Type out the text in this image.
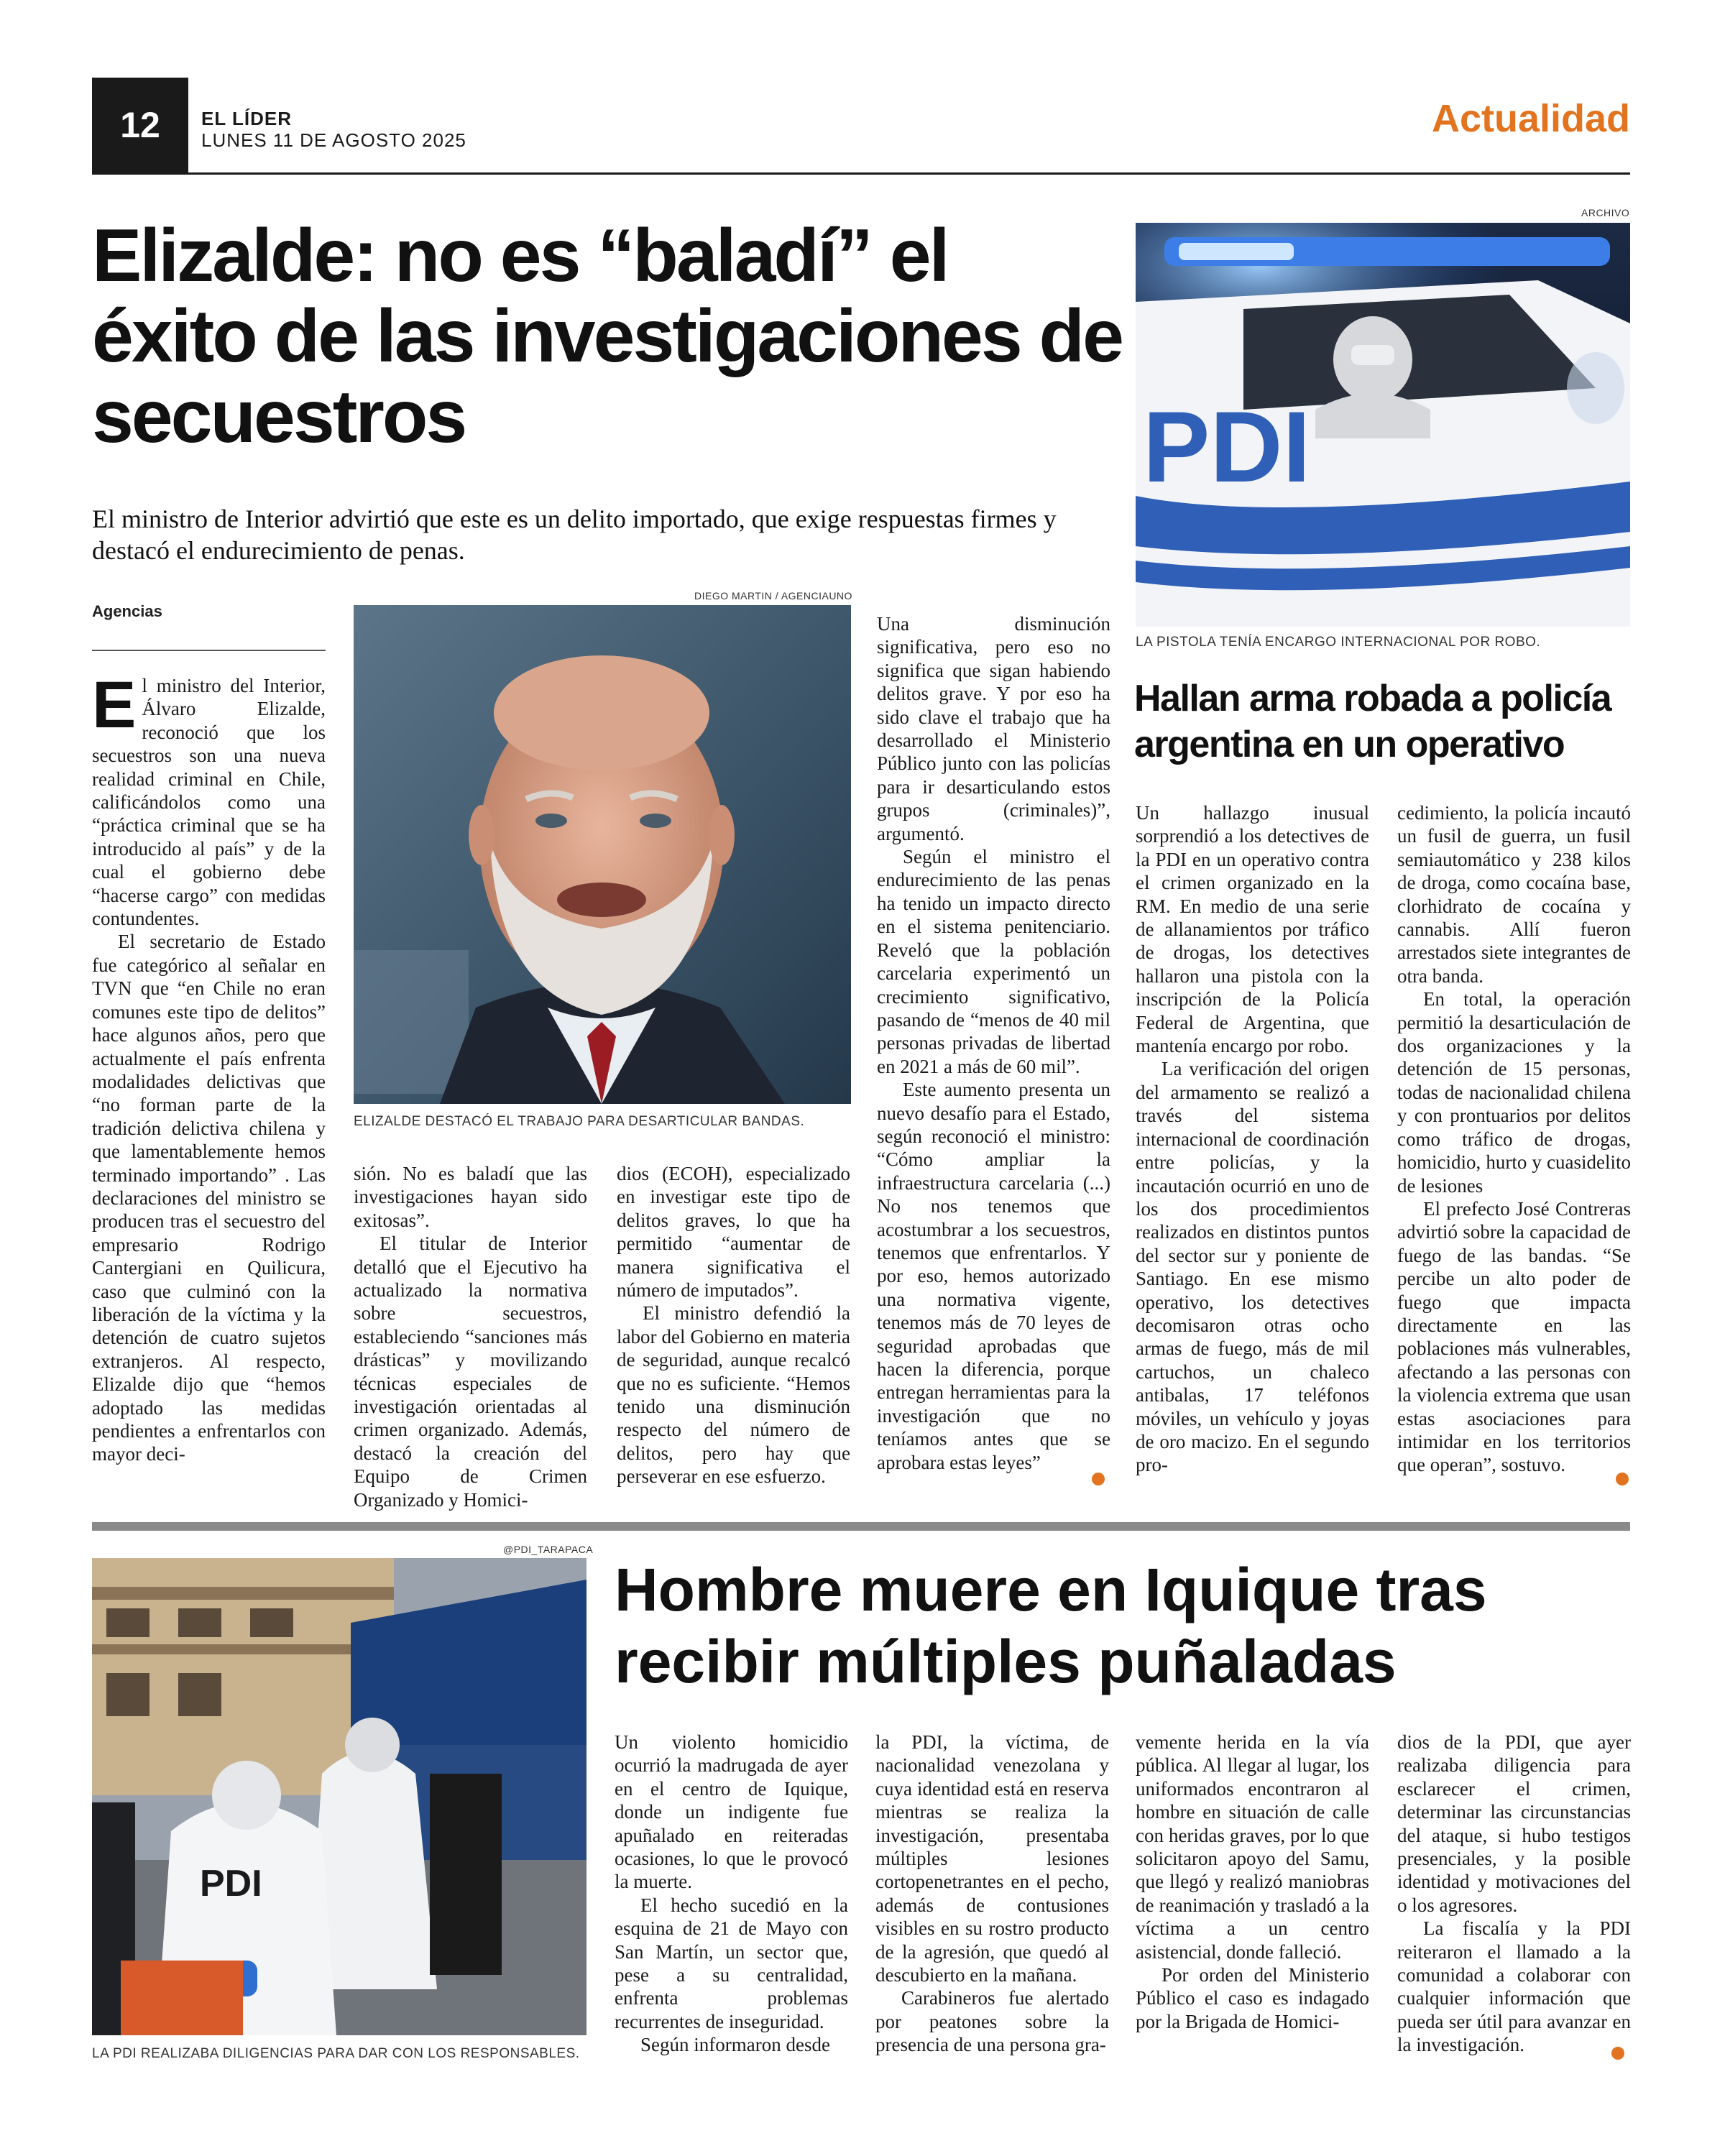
12	EL LÍDER
LUNES 11 DE AGOSTO 2025	Actualidad
Elizalde: no es “baladí” el éxito de las investigaciones de secuestros

El ministro de Interior advirtió que este es un delito importado, que exige respuestas firmes y destacó el endurecimiento de penas.

Agencias

El ministro del Interior, Álvaro Elizalde, reconoció que los secuestros son una nueva realidad criminal en Chile, calificándolos como una “práctica criminal que se ha introducido al país” y de la cual el gobierno debe “hacerse cargo” con medidas contundentes.

El secretario de Estado fue categórico al señalar en TVN que “en Chile no eran comunes este tipo de delitos” hace algunos años, pero que actualmente el país enfrenta modalidades delictivas que “no forman parte de la tradición delictiva chilena y que lamentablemente hemos terminado importando” . Las declaraciones del ministro se producen tras el secuestro del empresario Rodrigo Cantergiani en Quilicura, caso que culminó con la liberación de la víctima y la detención de cuatro sujetos extranjeros. Al respecto, Elizalde dijo que “hemos adoptado las medidas pendientes a enfrentarlos con mayor deci-

DIEGO MARTIN / AGENCIAUNO
ELIZALDE DESTACÓ EL TRABAJO PARA DESARTICULAR BANDAS.

sión. No es baladí que las investigaciones hayan sido exitosas”.

El titular de Interior detalló que el Ejecutivo ha actualizado la normativa sobre secuestros, estableciendo “sanciones más drásticas” y movilizando técnicas especiales de investigación orientadas al crimen organizado. Además, destacó la creación del Equipo de Crimen Organizado y Homici-

dios (ECOH), especializado en investigar este tipo de delitos graves, lo que ha permitido “aumentar de manera significativa el número de imputados”.

El ministro defendió la labor del Gobierno en materia de seguridad, aunque recalcó que no es suficiente. “Hemos tenido una disminución respecto del número de delitos, pero hay que perseverar en ese esfuerzo.

Una disminución significativa, pero eso no significa que sigan habiendo delitos grave. Y por eso ha sido clave el trabajo que ha desarrollado el Ministerio Público junto con las policías para ir desarticulando estos grupos (criminales)”, argumentó.

Según el ministro el endurecimiento de las penas ha tenido un impacto directo en el sistema penitenciario. Reveló que la población carcelaria experimentó un crecimiento significativo, pasando de “menos de 40 mil personas privadas de libertad en 2021 a más de 60 mil”.

Este aumento presenta un nuevo desafío para el Estado, según reconoció el ministro: “Cómo ampliar la infraestructura carcelaria (...) No nos tenemos que acostumbrar a los secuestros, tenemos que enfrentarlos. Y por eso, hemos autorizado una normativa vigente, tenemos más de 70 leyes de seguridad aprobadas que hacen la diferencia, porque entregan herramientas para la investigación que no teníamos antes que se aprobara estas leyes”

ARCHIVO
PDI
LA PISTOLA TENÍA ENCARGO INTERNACIONAL POR ROBO.
Hallan arma robada a policía argentina en un operativo

Un hallazgo inusual sorprendió a los detectives de la PDI en un operativo contra el crimen organizado en la RM. En medio de una serie de allanamientos por tráfico de drogas, los detectives hallaron una pistola con la inscripción de la Policía Federal de Argentina, que mantenía encargo por robo.

La verificación del origen del armamento se realizó a través del sistema internacional de coordinación entre policías, y la incautación ocurrió en uno de los dos procedimientos realizados en distintos puntos del sector sur y poniente de Santiago. En ese mismo operativo, los detectives decomisaron otras ocho armas de fuego, más de mil cartuchos, un chaleco antibalas, 17 teléfonos móviles, un vehículo y joyas de oro macizo. En el segundo pro-

cedimiento, la policía incautó un fusil de guerra, un fusil semiautomático y 238 kilos de droga, como cocaína base, clorhidrato de cocaína y cannabis. Allí fueron arrestados siete integrantes de otra banda.

En total, la operación permitió la desarticulación de dos organizaciones y la detención de 15 personas, todas de nacionalidad chilena y con prontuarios por delitos como tráfico de drogas, homicidio, hurto y cuasidelito de lesiones

El prefecto José Contreras advirtió sobre la capacidad de fuego de las bandas. “Se percibe un alto poder de fuego que impacta directamente en las poblaciones más vulnerables, afectando a las personas con la violencia extrema que usan estas asociaciones para intimidar en los territorios que operan”, sostuvo.

@PDI_TARAPACA
PDI
LA PDI REALIZABA DILIGENCIAS PARA DAR CON LOS RESPONSABLES.
Hombre muere en Iquique tras recibir múltiples puñaladas

Un violento homicidio ocurrió la madrugada de ayer en el centro de Iquique, donde un indigente fue apuñalado en reiteradas ocasiones, lo que le provocó la muerte.

El hecho sucedió en la esquina de 21 de Mayo con San Martín, un sector que, pese a su centralidad, enfrenta problemas recurrentes de inseguridad.

Según informaron desde

la PDI, la víctima, de nacionalidad venezolana y cuya identidad está en reserva mientras se realiza la investigación, presentaba múltiples lesiones cortopenetrantes en el pecho, además de contusiones visibles en su rostro producto de la agresión, que quedó al descubierto en la mañana.

Carabineros fue alertado por peatones sobre la presencia de una persona gra-

vemente herida en la vía pública. Al llegar al lugar, los uniformados encontraron al hombre en situación de calle con heridas graves, por lo que solicitaron apoyo del Samu, que llegó y realizó maniobras de reanimación y trasladó a la víctima a un centro asistencial, donde falleció.

Por orden del Ministerio Público el caso es indagado por la Brigada de Homici-

dios de la PDI, que ayer realizaba diligencia para esclarecer el crimen, determinar las circunstancias del ataque, si hubo testigos presenciales, y la posible identidad y motivaciones del o los agresores.

La fiscalía y la PDI reiteraron el llamado a la comunidad a colaborar con cualquier información que pueda ser útil para avanzar en la investigación.
